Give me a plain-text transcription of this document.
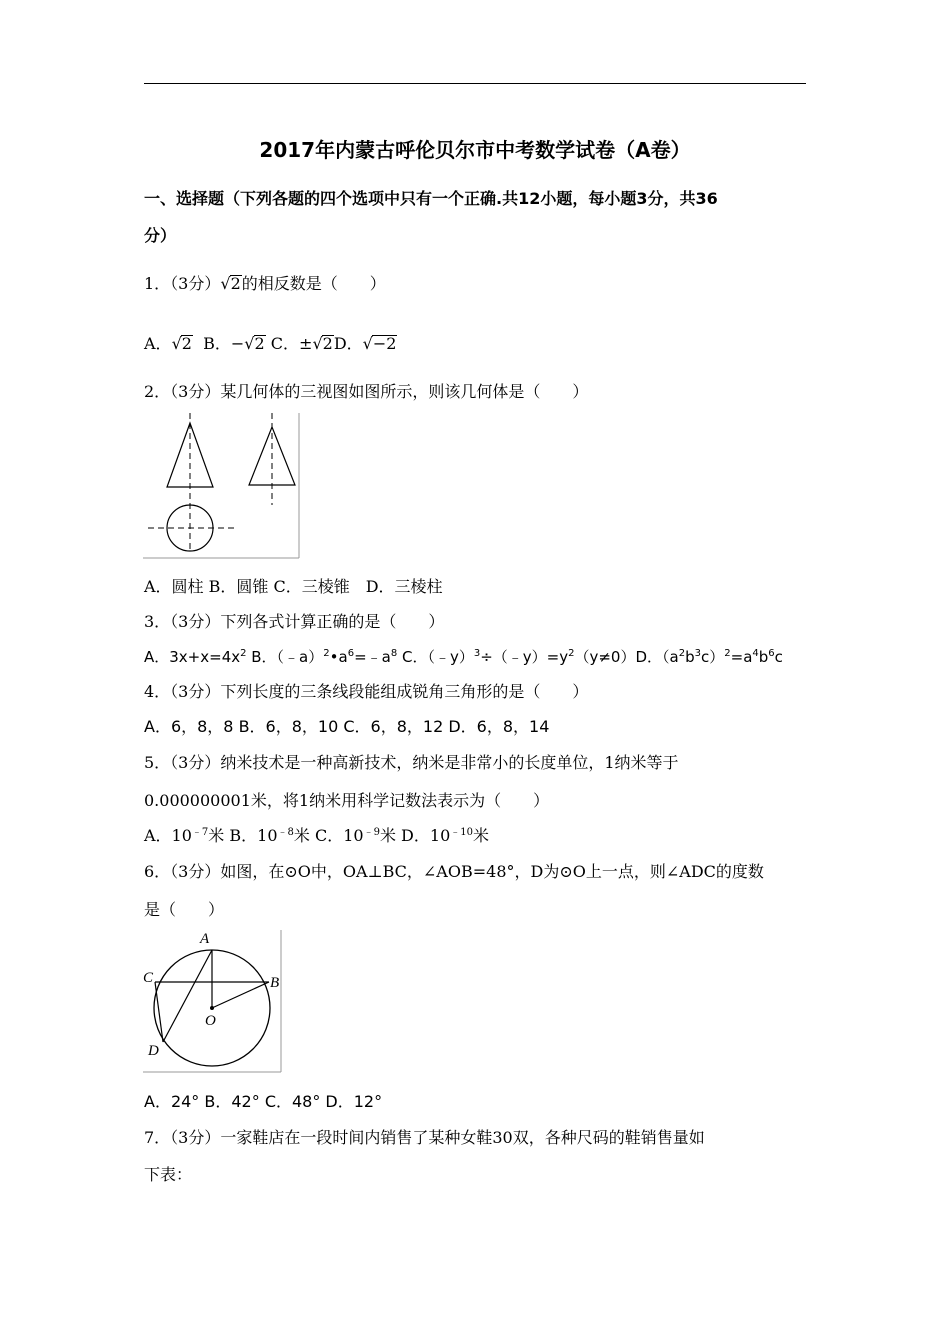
2017年内蒙古呼伦贝尔市中考数学试卷（A卷）
一、选择题（下列各题的四个选项中只有一个正确.共12小题，每小题3分，共36
分）
1．（3分）√2的相反数是（　　）
A．√2 B．−√2 C．±√2D．√−2
2．（3分）某几何体的三视图如图所示，则该几何体是（　　）
A．圆柱 B．圆锥 C．三棱锥　D．三棱柱
3．（3分）下列各式计算正确的是（　　）
A．$3x+x=4x^2$ B．$(﹣a)^2•a^6=﹣a^8$ C．$(﹣y)^3\div(﹣y)=y^2(y\ne 0)D$．$(a^2b^3c)^2=a^4b^6c$
4．（3分）下列长度的三条线段能组成锐角三角形的是（　　）
A．6，8，8 B．6，8，10 C．6，8，12 D．6，8，14
5．（3分）纳米技术是一种高新技术，纳米是非常小的长度单位，1纳米等于
0.000000001米，将1纳米用科学记数法表示为（　　）
A．$10^{﹣7}$米 B．$10^{﹣8}$米 C．$10^{﹣9}$米 D．$10^{﹣10}$米
6．（3分）如图，在⊙O中，OA⊥BC，∠AOB=48°，D为⊙O上一点，则∠ADC的度数
是（　　）
A
B
C
D
O
A．24° B．42° C．48° D．12°
7．（3分）一家鞋店在一段时间内销售了某种女鞋30双，各种尺码的鞋销售量如
下表：
